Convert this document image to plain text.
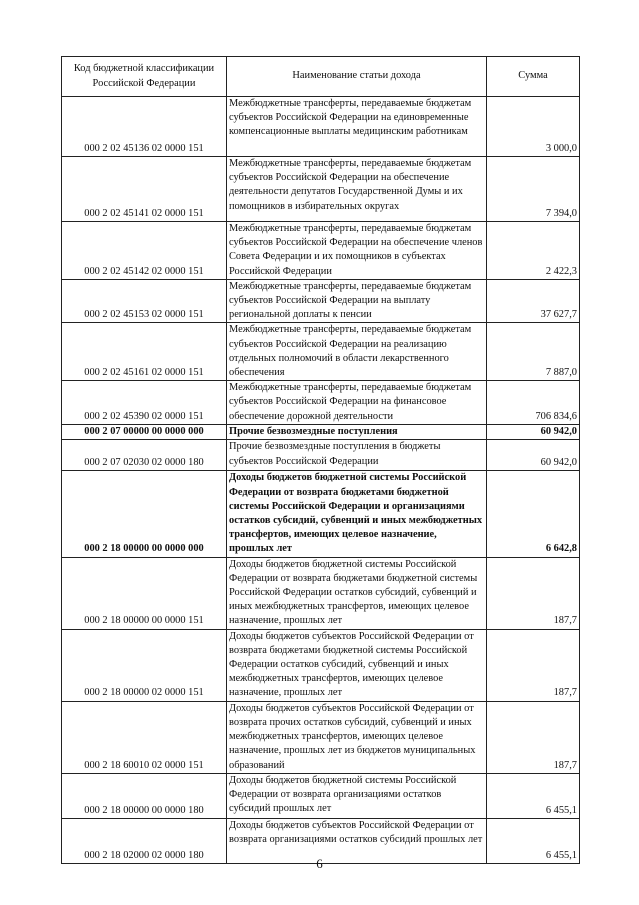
Код бюджетной классификации Российской Федерации	Наименование статьи дохода	Сумма
000 2 02 45136 02 0000 151	Межбюджетные трансферты, передаваемые бюджетам субъектов Российской Федерации на единовременные компенсационные выплаты медицинским работникам	3 000,0
000 2 02 45141 02 0000 151	Межбюджетные трансферты, передаваемые бюджетам субъектов Российской Федерации на обеспечение деятельности депутатов Государственной Думы и их помощников в избирательных округах	7 394,0
000 2 02 45142 02 0000 151	Межбюджетные трансферты, передаваемые бюджетам субъектов Российской Федерации на обеспечение членов Совета Федерации и их помощников в субъектах Российской Федерации	2 422,3
000 2 02 45153 02 0000 151	Межбюджетные трансферты, передаваемые бюджетам субъектов Российской Федерации на выплату региональной доплаты к пенсии	37 627,7
000 2 02 45161 02 0000 151	Межбюджетные трансферты, передаваемые бюджетам субъектов Российской Федерации на реализацию отдельных полномочий в области лекарственного обеспечения	7 887,0
000 2 02 45390 02 0000 151	Межбюджетные трансферты, передаваемые бюджетам субъектов Российской Федерации на финансовое обеспечение дорожной деятельности	706 834,6
000 2 07 00000 00 0000 000	Прочие безвозмездные поступления	60 942,0
000 2 07 02030 02 0000 180	Прочие безвозмездные поступления в бюджеты субъектов Российской Федерации	60 942,0
000 2 18 00000 00 0000 000	Доходы бюджетов бюджетной системы Российской Федерации от возврата бюджетами бюджетной системы Российской Федерации и организациями остатков субсидий, субвенций и иных межбюджетных трансфертов, имеющих целевое назначение, прошлых лет	6 642,8
000 2 18 00000 00 0000 151	Доходы бюджетов бюджетной системы Российской Федерации от возврата бюджетами бюджетной системы Российской Федерации остатков субсидий, субвенций и иных межбюджетных трансфертов, имеющих целевое назначение, прошлых лет	187,7
000 2 18 00000 02 0000 151	Доходы бюджетов субъектов Российской Федерации от возврата бюджетами бюджетной системы Российской Федерации остатков субсидий, субвенций и иных межбюджетных трансфертов, имеющих целевое назначение, прошлых лет	187,7
000 2 18 60010 02 0000 151	Доходы бюджетов субъектов Российской Федерации от возврата прочих остатков субсидий, субвенций и иных межбюджетных трансфертов, имеющих целевое назначение, прошлых лет из бюджетов муниципальных образований	187,7
000 2 18 00000 00 0000 180	Доходы бюджетов бюджетной системы Российской Федерации от возврата организациями остатков субсидий прошлых лет	6 455,1
000 2 18 02000 02 0000 180	Доходы бюджетов субъектов Российской Федерации от возврата организациями остатков субсидий прошлых лет	6 455,1
6
